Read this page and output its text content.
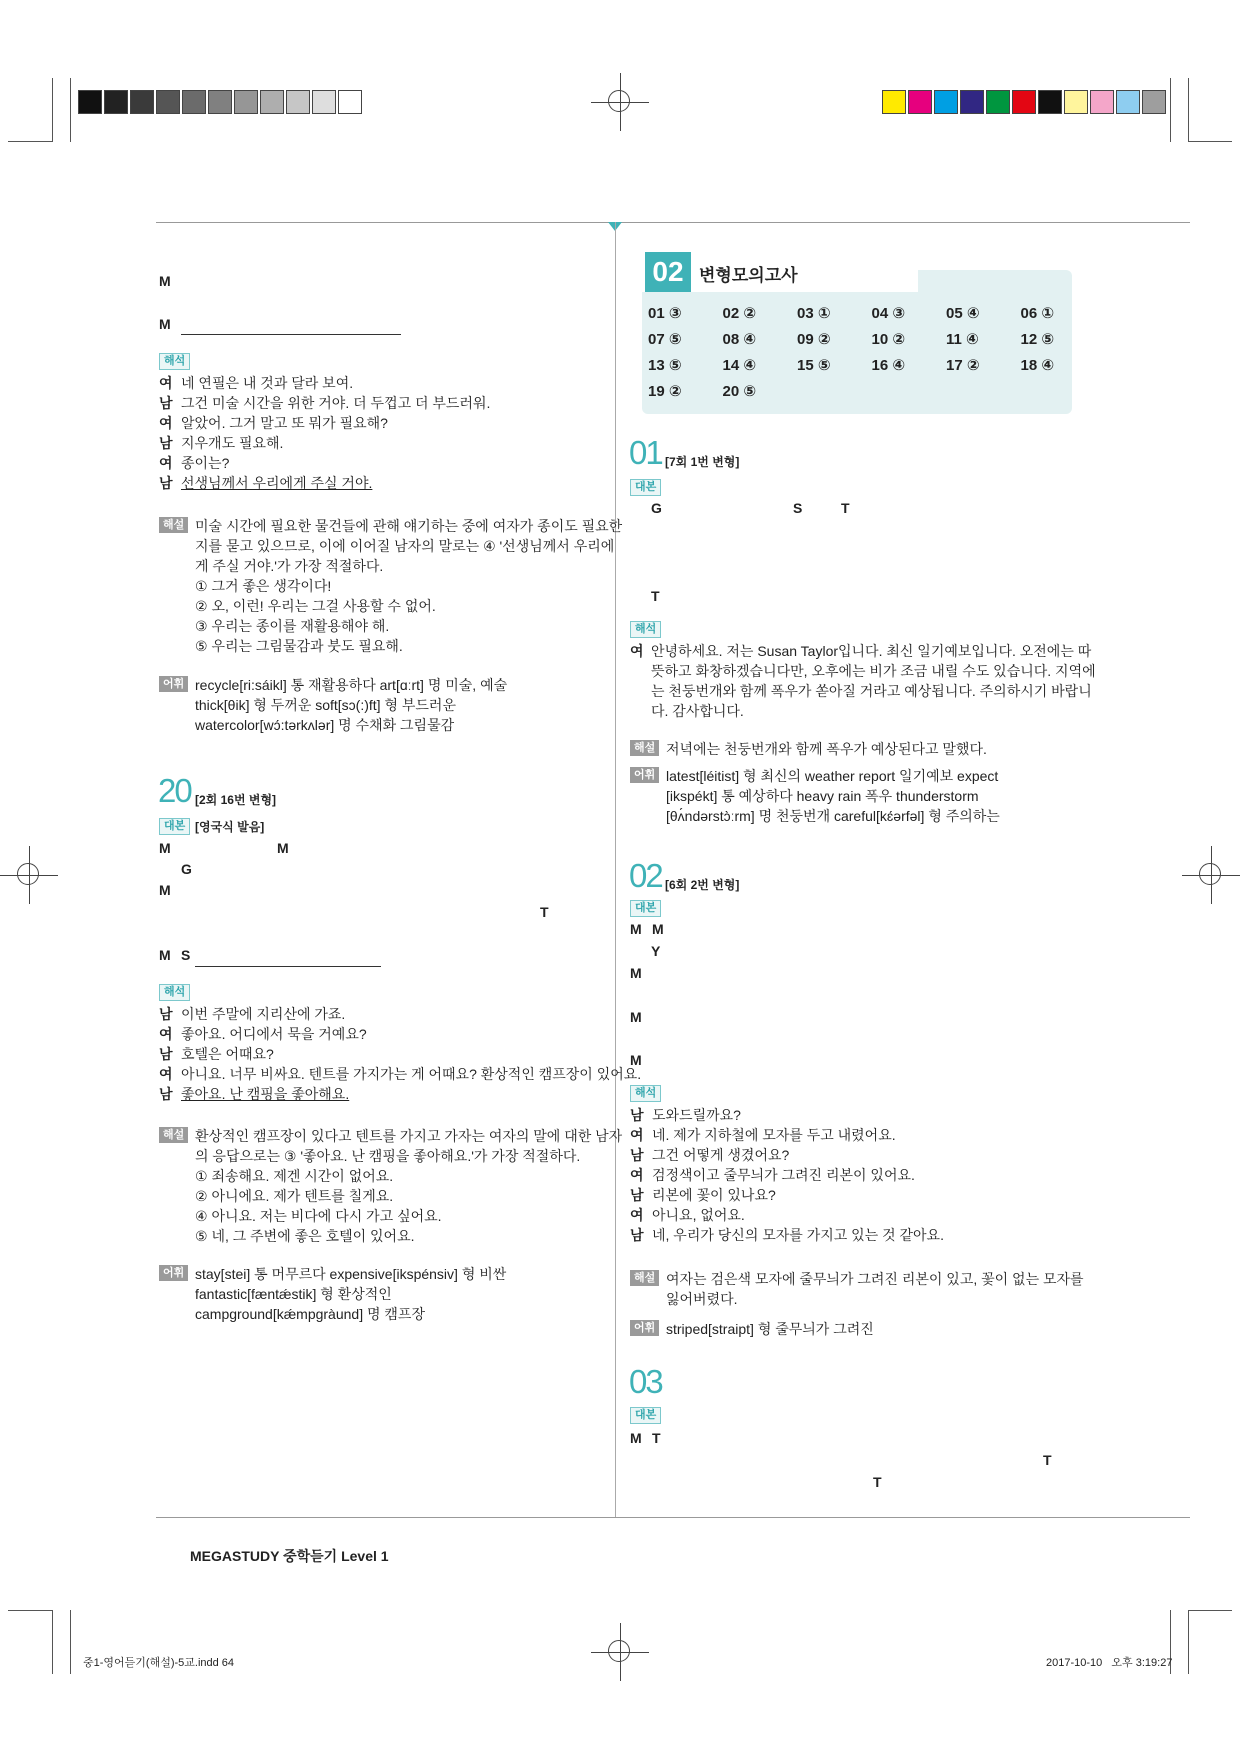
M
M
해석
여 네 연필은 내 것과 달라 보여.
남 그건 미술 시간을 위한 거야. 더 두껍고 더 부드러워.
여 알았어. 그거 말고 또 뭐가 필요해?
남 지우개도 필요해.
여 종이는?
남 선생님께서 우리에게 주실 거야.
해설 미술 시간에 필요한 물건들에 관해 얘기하는 중에 여자가 종이도 필요한
지를 묻고 있으므로, 이에 이어질 남자의 말로는 ④ '선생님께서 우리에
게 주실 거야.'가 가장 적절하다.
① 그거 좋은 생각이다!
② 오, 이런! 우리는 그걸 사용할 수 없어.
③ 우리는 종이를 재활용해야 해.
⑤ 우리는 그림물감과 붓도 필요해.
어휘 recycle[ri:sáikl] 통 재활용하다 art[ɑːrt] 명 미술, 예술
thick[θik] 형 두꺼운 soft[sɔ(:)ft] 형 부드러운
watercolor[wɔ́:tərkʌlər] 명 수채화 그림물감
20 [2회 16번 변형]
대본 [영국식 발음]
M	M
G
M
T
M S
해석
남 이번 주말에 지리산에 가죠.
여 좋아요. 어디에서 묵을 거예요?
남 호텔은 어때요?
여 아니요. 너무 비싸요. 텐트를 가지가는 게 어때요? 환상적인 캠프장이 있어요.
남 좋아요. 난 캠핑을 좋아해요.
해설 환상적인 캠프장이 있다고 텐트를 가지고 가자는 여자의 말에 대한 남자
의 응답으로는 ③ '좋아요. 난 캠핑을 좋아해요.'가 가장 적절하다.
① 죄송해요. 제겐 시간이 없어요.
② 아니에요. 제가 텐트를 칠게요.
④ 아니요. 저는 비다에 다시 가고 싶어요.
⑤ 네, 그 주변에 좋은 호텔이 있어요.
어휘 stay[stei] 통 머무르다 expensive[ikspénsiv] 형 비싼
fantastic[fæntǽstik] 형 환상적인
campground[kǽmpgràund] 명 캠프장
02 변형모의고사
01 ③	02 ②	03 ①	04 ③	05 ④	06 ①
07 ⑤	08 ④	09 ②	10 ②	11 ④	12 ⑤
13 ⑤	14 ④	15 ⑤	16 ④	17 ②	18 ④
19 ②	20 ⑤
01 [7회 1번 변형]
대본
G	S	T
T
해석
여 안녕하세요. 저는 Susan Taylor입니다. 최신 일기예보입니다. 오전에는 따
뜻하고 화창하겠습니다만, 오후에는 비가 조금 내릴 수도 있습니다. 지역에
는 천둥번개와 함께 폭우가 쏟아질 거라고 예상됩니다. 주의하시기 바랍니
다. 감사합니다.
해설 저녁에는 천둥번개와 함께 폭우가 예상된다고 말했다.
어휘 latest[léitist] 형 최신의 weather report 일기예보 expect
[ikspékt] 통 예상하다 heavy rain 폭우 thunderstorm
[θʌ́ndərstɔ̀ːrm] 명 천둥번개 careful[kɛ́ərfəl] 형 주의하는
02 [6회 2번 변형]
대본
M M
Y
M
M
M
해석
남 도와드릴까요?
여 네. 제가 지하철에 모자를 두고 내렸어요.
남 그건 어떻게 생겼어요?
여 검정색이고 줄무늬가 그려진 리본이 있어요.
남 리본에 꽃이 있나요?
여 아니요, 없어요.
남 네, 우리가 당신의 모자를 가지고 있는 것 같아요.
해설 여자는 검은색 모자에 줄무늬가 그려진 리본이 있고, 꽃이 없는 모자를
잃어버렸다.
어휘 striped[straipt] 형 줄무늬가 그려진
03
대본
M T
T
T
MEGASTUDY 중학듣기 Level 1
중1-영어듣기(해설)-5교.indd 64	2017-10-10   오후 3:19:27
